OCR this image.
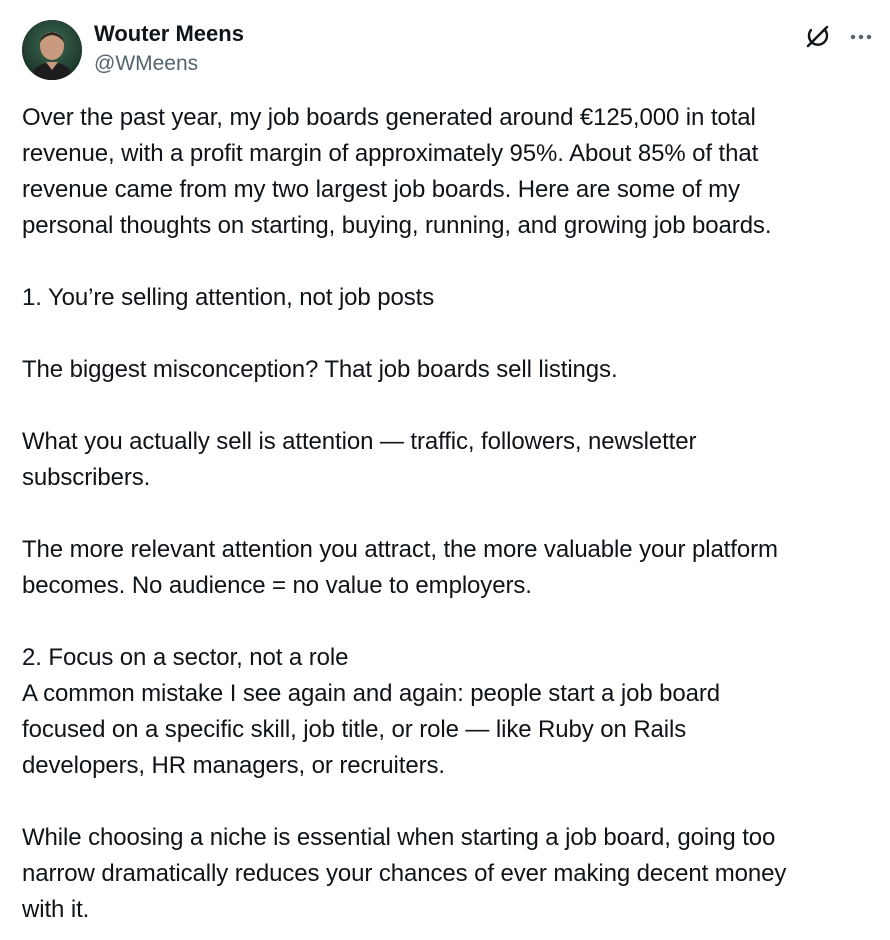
Wouter Meens
@WMeens
Over the past year, my job boards generated around €125,000 in total
revenue, with a profit margin of approximately 95%. About 85% of that
revenue came from my two largest job boards. Here are some of my
personal thoughts on starting, buying, running, and growing job boards.

1. You’re selling attention, not job posts

The biggest misconception? That job boards sell listings.

What you actually sell is attention — traffic, followers, newsletter
subscribers.

The more relevant attention you attract, the more valuable your platform
becomes. No audience = no value to employers.

2. Focus on a sector, not a role
A common mistake I see again and again: people start a job board
focused on a specific skill, job title, or role — like Ruby on Rails
developers, HR managers, or recruiters.

While choosing a niche is essential when starting a job board, going too
narrow dramatically reduces your chances of ever making decent money
with it.
